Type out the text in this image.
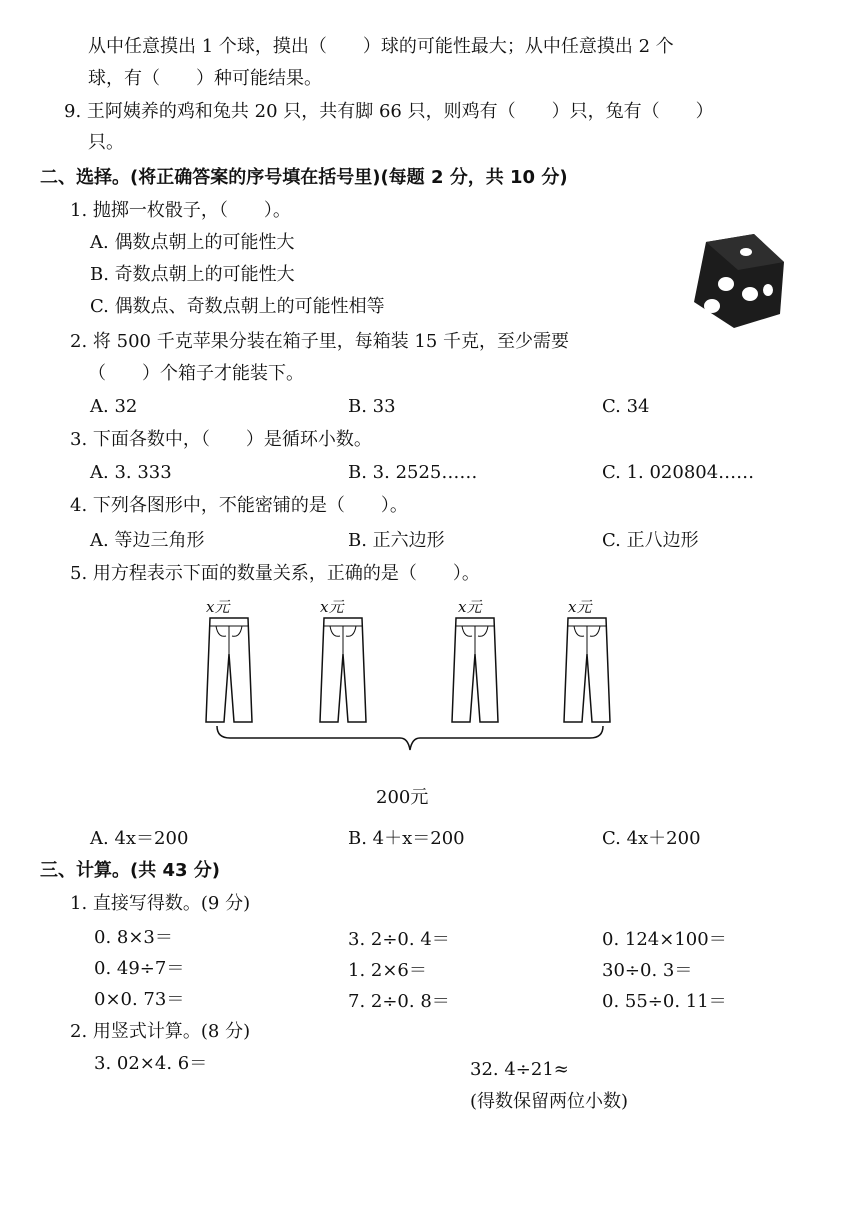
从中任意摸出 1 个球，摸出（　　）球的可能性最大；从中任意摸出 2 个
球，有（　　）种可能结果。
9. 王阿姨养的鸡和兔共 20 只，共有脚 66 只，则鸡有（　　）只，兔有（　　）
只。
二、选择。(将正确答案的序号填在括号里)(每题 2 分，共 10 分)
1. 抛掷一枚骰子，（　　）。
A. 偶数点朝上的可能性大
B. 奇数点朝上的可能性大
C. 偶数点、奇数点朝上的可能性相等
2. 将 500 千克苹果分装在箱子里，每箱装 15 千克，至少需要
（　　）个箱子才能装下。
A. 32	B. 33	C. 34
3. 下面各数中，（　　）是循环小数。
A. 3. 333	B. 3. 2525……	C. 1. 020804……
4. 下列各图形中，不能密铺的是（　　）。
A. 等边三角形	B. 正六边形	C. 正八边形
5. 用方程表示下面的数量关系，正确的是（　　）。
x元	x元	x元	x元
200元
A. 4x＝200	B. 4＋x＝200	C. 4x＋200
三、计算。(共 43 分)
1. 直接写得数。(9 分)
0. 8×3＝	3. 2÷0. 4＝	0. 124×100＝
0. 49÷7＝	1. 2×6＝	30÷0. 3＝
0×0. 73＝	7. 2÷0. 8＝	0. 55÷0. 11＝
2. 用竖式计算。(8 分)
3. 02×4. 6＝	32. 4÷21≈
(得数保留两位小数)
